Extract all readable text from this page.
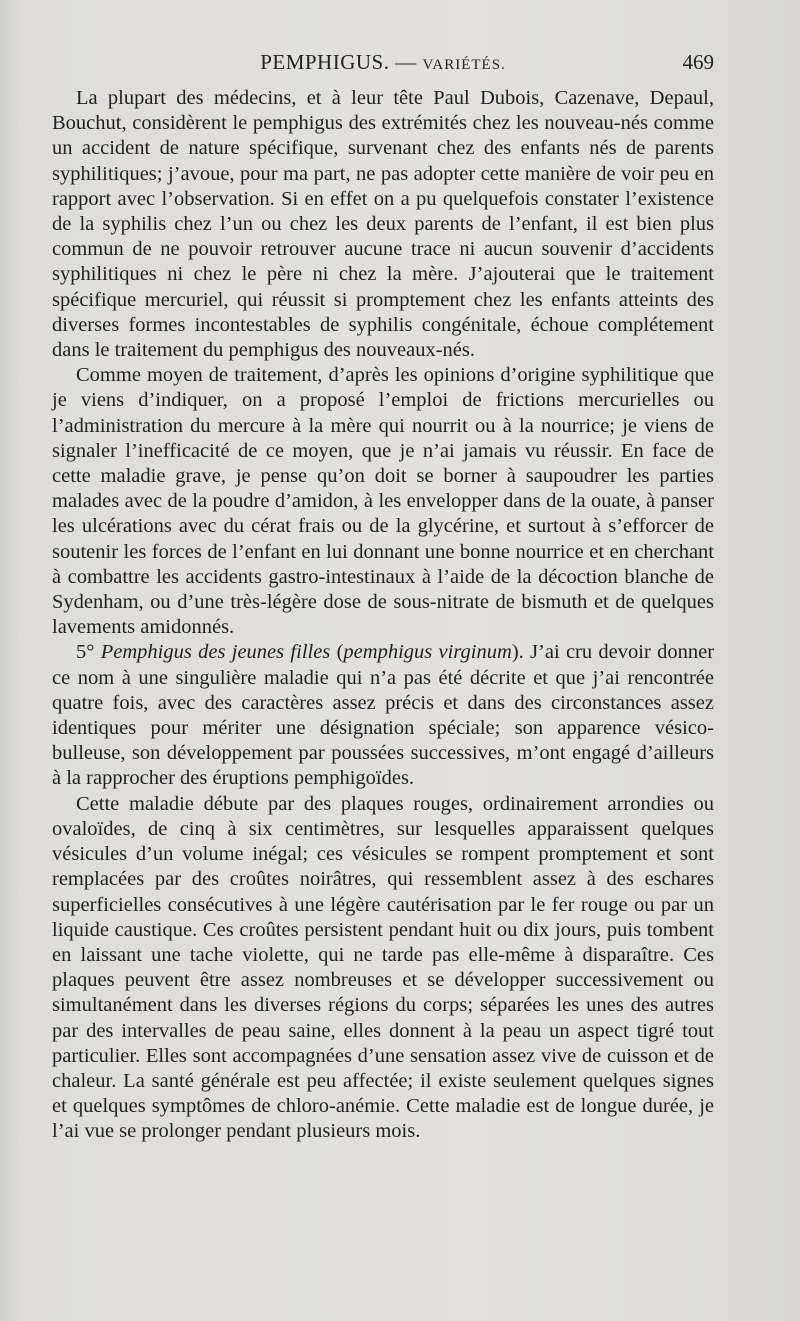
PEMPHIGUS. — VARIÉTÉS.	469

La plupart des médecins, et à leur tête Paul Dubois, Cazenave, Depaul, Bouchut, considèrent le pemphigus des extrémités chez les nouveau-nés comme un accident de nature spécifique, survenant chez des enfants nés de parents syphilitiques; j’avoue, pour ma part, ne pas adopter cette manière de voir peu en rapport avec l’observation. Si en effet on a pu quelquefois constater l’existence de la syphilis chez l’un ou chez les deux parents de l’enfant, il est bien plus commun de ne pouvoir retrouver aucune trace ni aucun souvenir d’accidents syphilitiques ni chez le père ni chez la mère. J’ajouterai que le traitement spécifique mercuriel, qui réussit si promptement chez les enfants atteints des diverses formes incontestables de syphilis congénitale, échoue complétement dans le traitement du pemphigus des nouveaux-nés.

Comme moyen de traitement, d’après les opinions d’origine syphilitique que je viens d’indiquer, on a proposé l’emploi de frictions mercurielles ou l’administration du mercure à la mère qui nourrit ou à la nourrice; je viens de signaler l’inefficacité de ce moyen, que je n’ai jamais vu réussir. En face de cette maladie grave, je pense qu’on doit se borner à saupoudrer les parties malades avec de la poudre d’amidon, à les envelopper dans de la ouate, à panser les ulcérations avec du cérat frais ou de la glycérine, et surtout à s’efforcer de soutenir les forces de l’enfant en lui donnant une bonne nourrice et en cherchant à combattre les accidents gastro-intestinaux à l’aide de la décoction blanche de Sydenham, ou d’une très-légère dose de sous-nitrate de bismuth et de quelques lavements amidonnés.

5° Pemphigus des jeunes filles (pemphigus virginum). J’ai cru devoir donner ce nom à une singulière maladie qui n’a pas été décrite et que j’ai rencontrée quatre fois, avec des caractères assez précis et dans des circonstances assez identiques pour mériter une désignation spéciale; son apparence vésico-bulleuse, son développement par poussées successives, m’ont engagé d’ailleurs à la rapprocher des éruptions pemphigoïdes.

Cette maladie débute par des plaques rouges, ordinairement arrondies ou ovaloïdes, de cinq à six centimètres, sur lesquelles apparaissent quelques vésicules d’un volume inégal; ces vésicules se rompent promptement et sont remplacées par des croûtes noirâtres, qui ressemblent assez à des eschares superficielles consécutives à une légère cautérisation par le fer rouge ou par un liquide caustique. Ces croûtes persistent pendant huit ou dix jours, puis tombent en laissant une tache violette, qui ne tarde pas elle-même à disparaître. Ces plaques peuvent être assez nombreuses et se développer successivement ou simultanément dans les diverses régions du corps; séparées les unes des autres par des intervalles de peau saine, elles donnent à la peau un aspect tigré tout particulier. Elles sont accompagnées d’une sensation assez vive de cuisson et de chaleur. La santé générale est peu affectée; il existe seulement quelques signes et quelques symptômes de chloro-anémie. Cette maladie est de longue durée, je l’ai vue se prolonger pendant plusieurs mois.
